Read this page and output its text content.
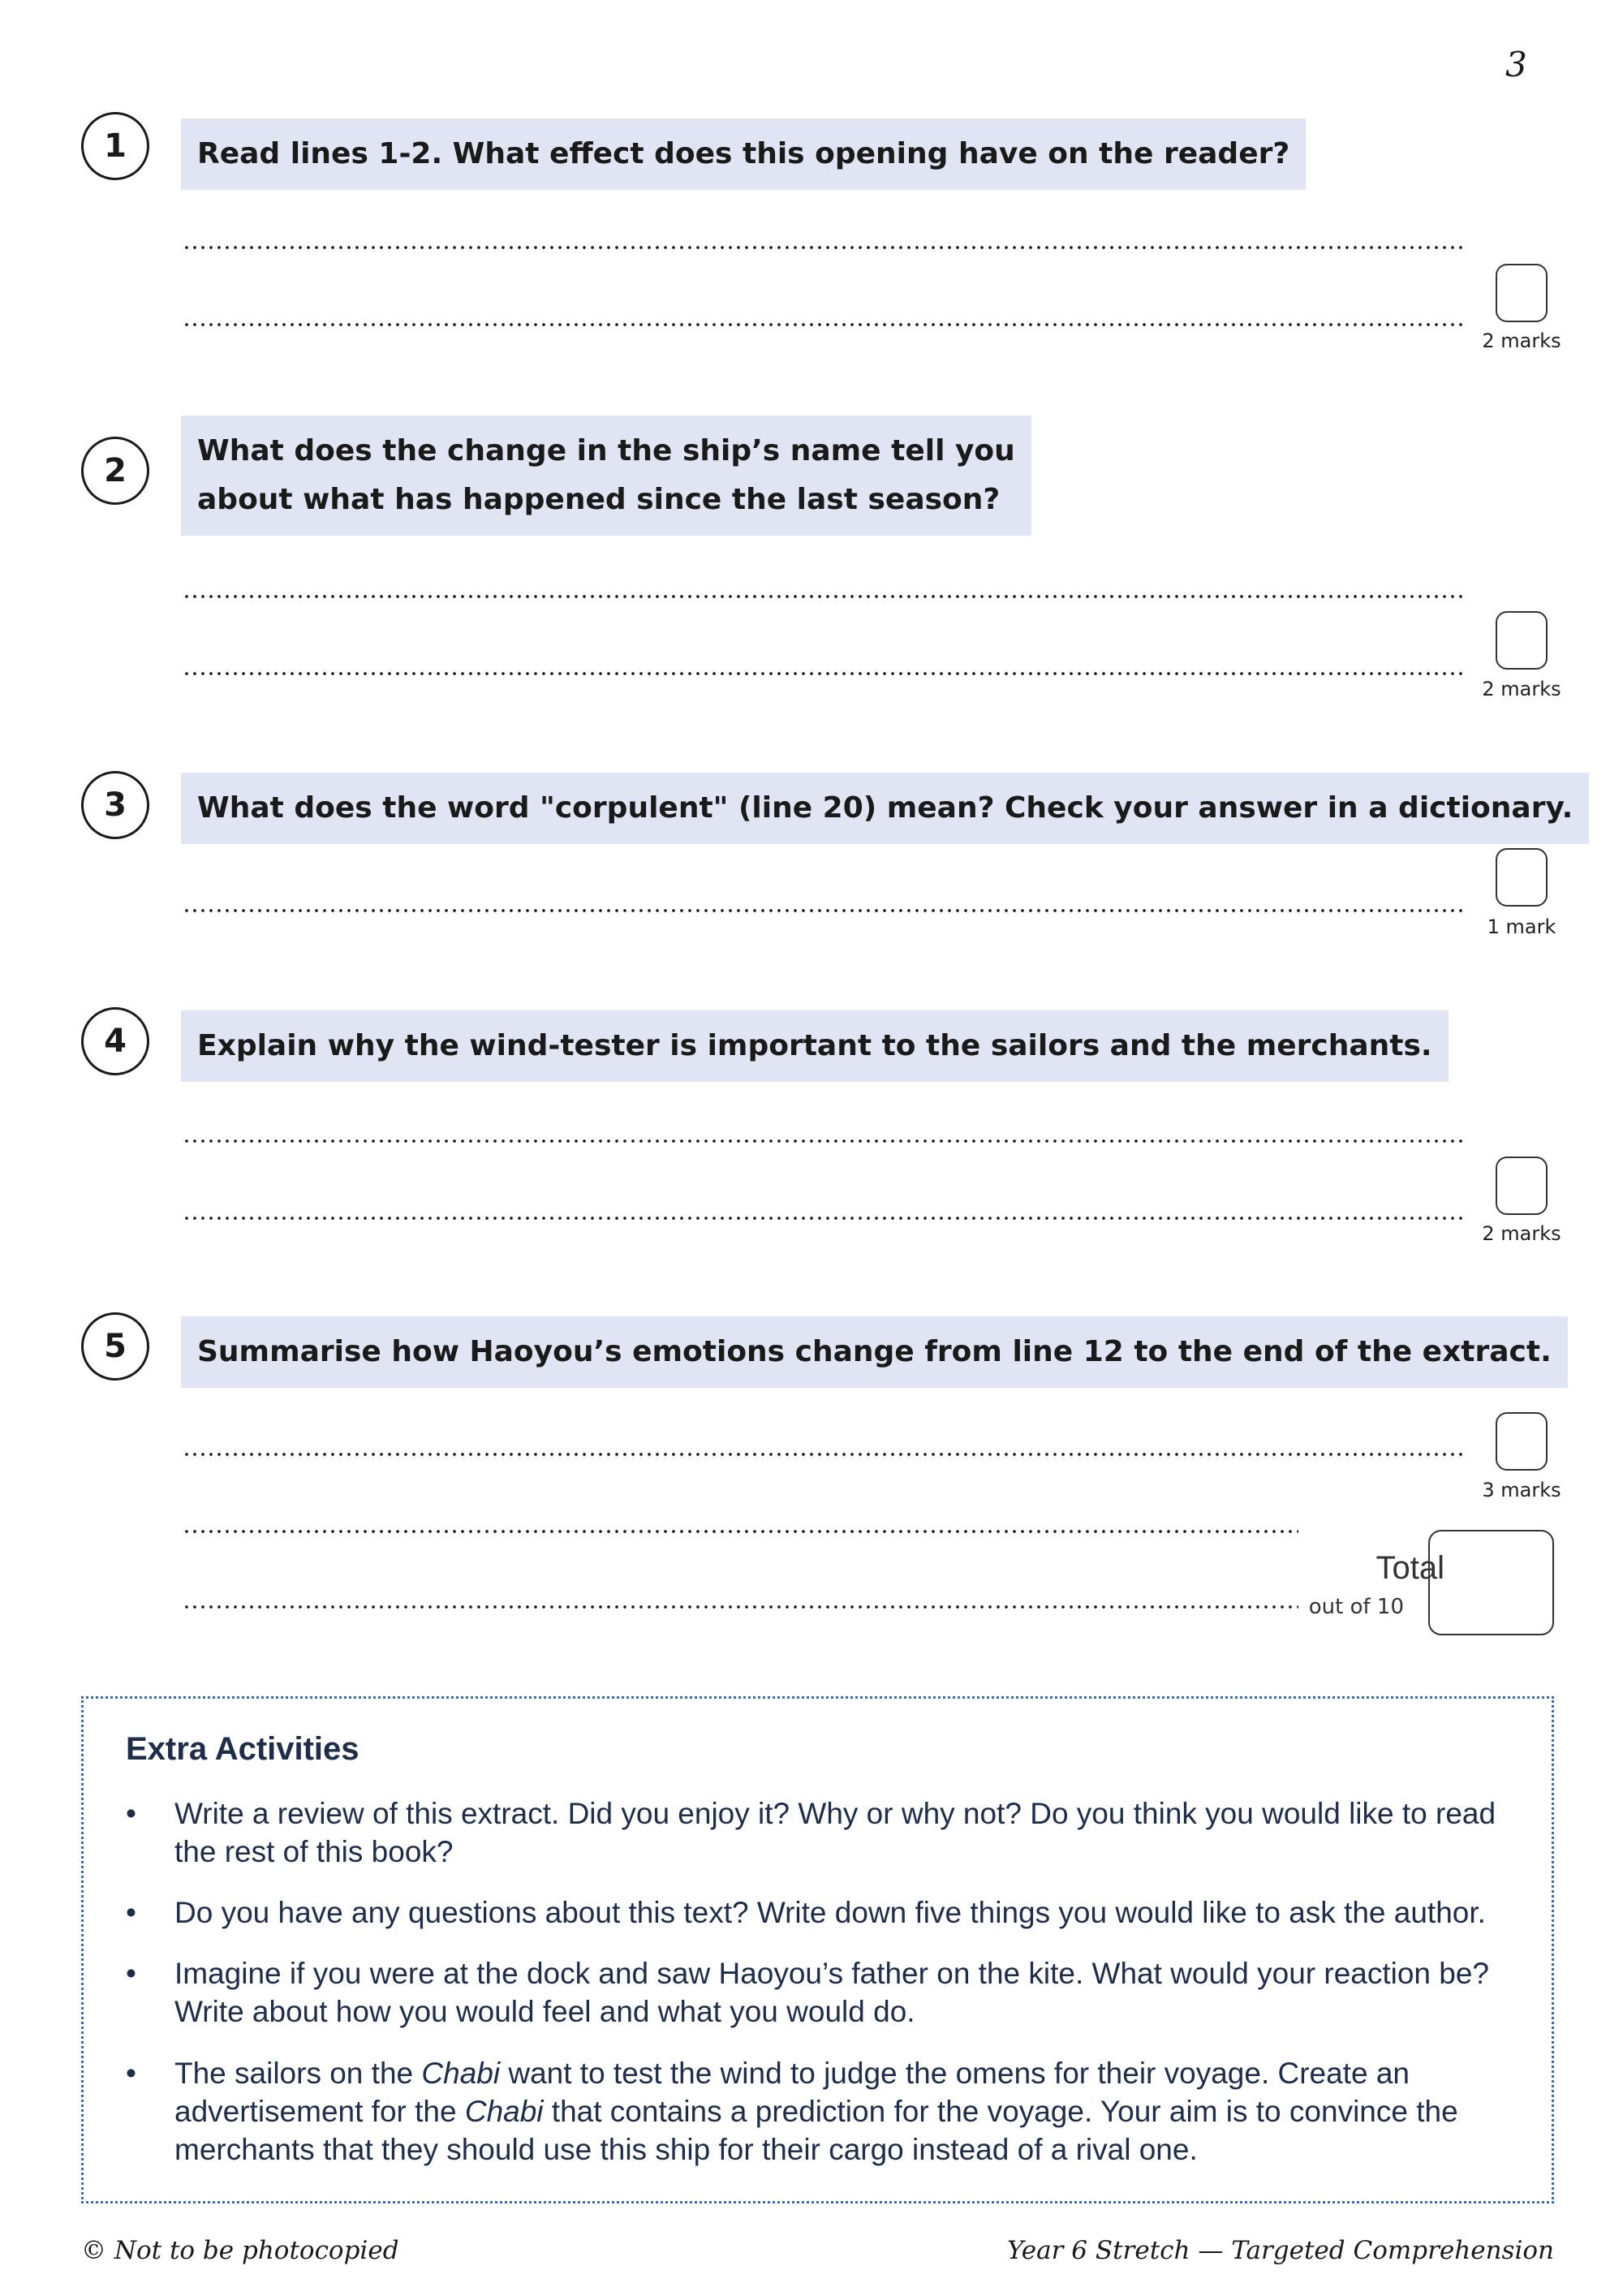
3
1	Read lines 1-2. What effect does this opening have on the reader?
2 marks
2
What does the change in the ship’s name tell you
about what has happened since the last season?
2 marks
3	What does the word "corpulent" (line 20) mean? Check your answer in a dictionary.
1 mark
4	Explain why the wind-tester is important to the sailors and the merchants.
2 marks
5	Summarise how Haoyou’s emotions change from line 12 to the end of the extract.
3 marks
Total
out of 10
Extra Activities
• Write a review of this extract. Did you enjoy it? Why or why not? Do you think you would like to read the rest of this book?
• Do you have any questions about this text? Write down five things you would like to ask the author.
• Imagine if you were at the dock and saw Haoyou’s father on the kite. What would your reaction be? Write about how you would feel and what you would do.
• The sailors on the Chabi want to test the wind to judge the omens for their voyage. Create an advertisement for the Chabi that contains a prediction for the voyage. Your aim is to convince the merchants that they should use this ship for their cargo instead of a rival one.
© Not to be photocopied	Year 6 Stretch — Targeted Comprehension
